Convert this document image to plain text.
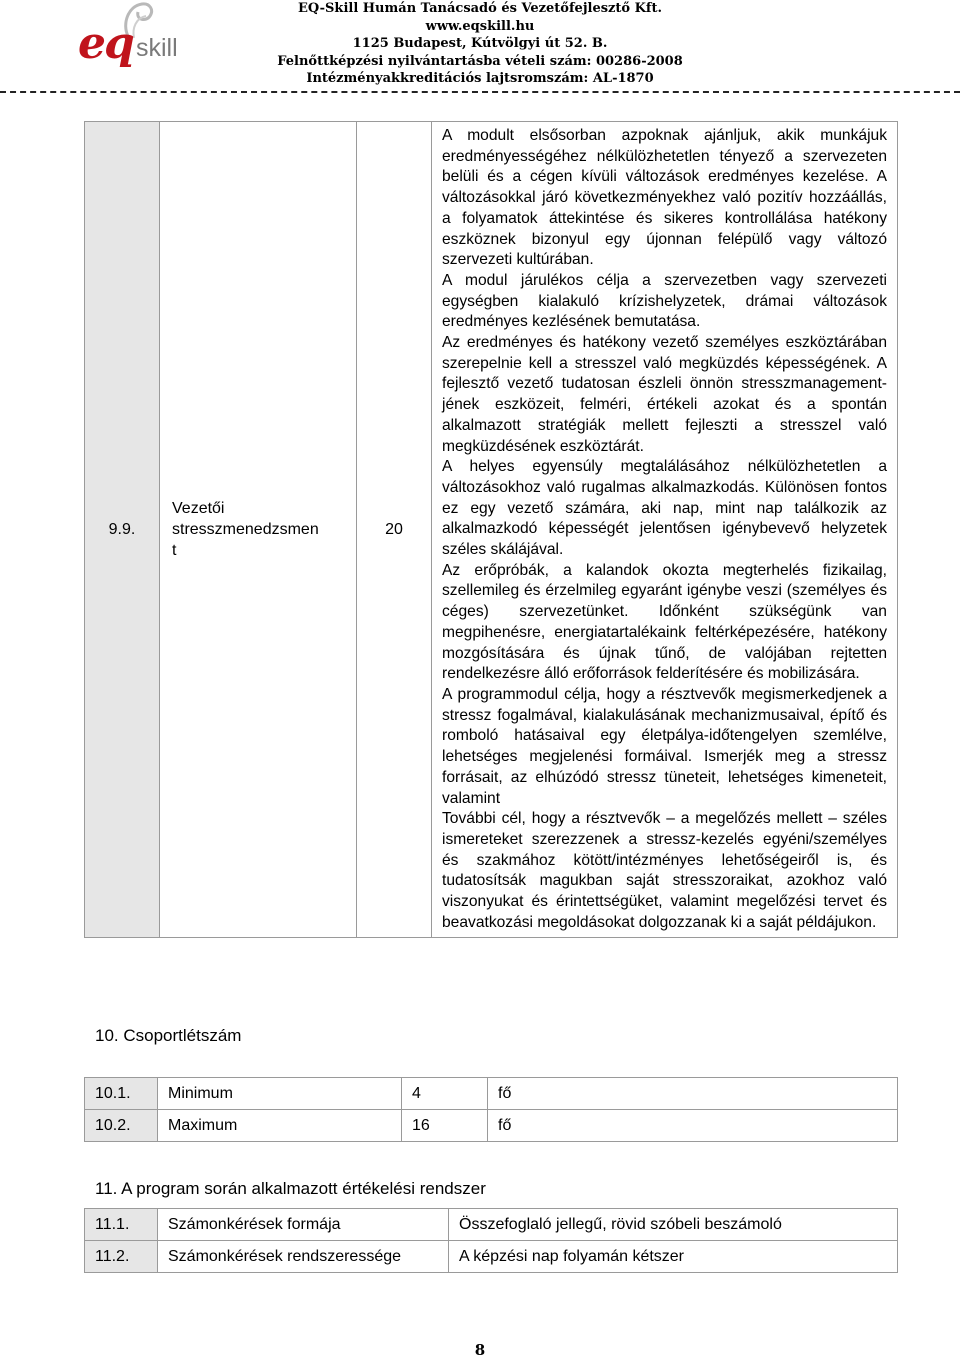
eq skill
EQ-Skill Humán Tanácsadó és Vezetőfejlesztő Kft.
www.eqskill.hu
1125 Budapest, Kútvölgyi út 52. B.
Felnőttképzési nyilvántartásba vételi szám: 00286-2008
Intézményakkreditációs lajtsromszám: AL-1870
9.9.	Vezetői
stresszmenedzsmen
t	20	

A modult elsősorban azpoknak ajánljuk, akik munkájuk eredményességéhez nélkülözhetetlen tényező a szervezeten belüli és a cégen kívüli változások eredményes kezelése. A változásokkal járó következményekhez való pozitív hozzáállás, a folyamatok áttekintése és sikeres kontrollálása hatékony eszköznek bizonyul egy újonnan felépülő vagy változó szervezeti kultúrában.

A modul járulékos célja a szervezetben vagy szervezeti egységben kialakuló krízishelyzetek, drámai változások eredményes kezlésének bemutatása.

Az eredményes és hatékony vezető személyes eszköztárában szerepelnie kell a stresszel való megküzdés képességének. A fejlesztő vezető tudatosan észleli önnön stresszmanagement-jének eszközeit, felméri, értékeli azokat és a spontán alkalmazott stratégiák mellett fejleszti a stresszel való megküzdésének eszköztárát.

A helyes egyensúly megtalálásához nélkülözhetetlen a változásokhoz való rugalmas alkalmazkodás. Különösen fontos ez egy vezető számára, aki nap, mint nap találkozik az alkalmazkodó képességét jelentősen igénybevevő helyzetek széles skálájával.

Az erőpróbák, a kalandok okozta megterhelés fizikailag, szellemileg és érzelmileg egyaránt igénybe veszi (személyes és céges) szervezetünket. Időnként szükségünk van megpihenésre, energiatartalékaink feltérképezésére, hatékony mozgósítására és újnak tűnő, de valójában rejtetten rendelkezésre álló erőforrások felderítésére és mobilizására.

A programmodul célja, hogy a résztvevők megismerkedjenek a stressz fogalmával, kialakulásának mechanizmusaival, építő és romboló hatásaival egy életpálya-időtengelyen szemlélve, lehetséges megjelenési formáival. Ismerjék meg a stressz forrásait, az elhúzódó stressz tüneteit, lehetséges kimeneteit, valamint

További cél, hogy a résztvevők – a megelőzés mellett – széles ismereteket szerezzenek a stressz-kezelés egyéni/személyes és szakmához kötött/intézményes lehetőségeiről is, és tudatosítsák magukban saját stresszoraikat, azokhoz való viszonyukat és érintettségüket, valamint megelőzési tervet és beavatkozási megoldásokat dolgozzanak ki a saját példájukon.

10. Csoportlétszám
10.1.	Minimum	4	fő
10.2.	Maximum	16	fő
11. A program során alkalmazott értékelési rendszer
11.1.	Számonkérések formája	Összefoglaló jellegű, rövid szóbeli beszámoló
11.2.	Számonkérések rendszeressége	A képzési nap folyamán kétszer
8
